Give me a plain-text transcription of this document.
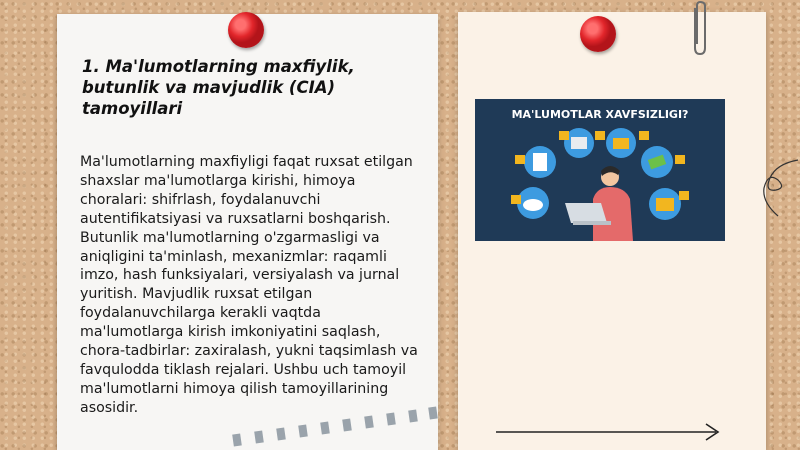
1. Ma'lumotlarning maxfiylik, butunlik va mavjudlik (CIA) tamoyillari

Ma'lumotlarning maxfiyligi faqat ruxsat etilgan shaxslar ma'lumotlarga kirishi, himoya choralari: shifrlash, foydalanuvchi autentifikatsiyasi va ruxsatlarni boshqarish. Butunlik ma'lumotlarning o'zgarmasligi va aniqligini ta'minlash, mexanizmlar: raqamli imzo, hash funksiyalari, versiyalash va jurnal yuritish. Mavjudlik ruxsat etilgan foydalanuvchilarga kerakli vaqtda ma'lumotlarga kirish imkoniyatini saqlash, chora-tadbirlar: zaxiralash, yukni taqsimlash va favqulodda tiklash rejalari. Ushbu uch tamoyil ma'lumotlarni himoya qilish tamoyillarining asosidir.

MA'LUMOTLAR XAVFSIZLIGI?
